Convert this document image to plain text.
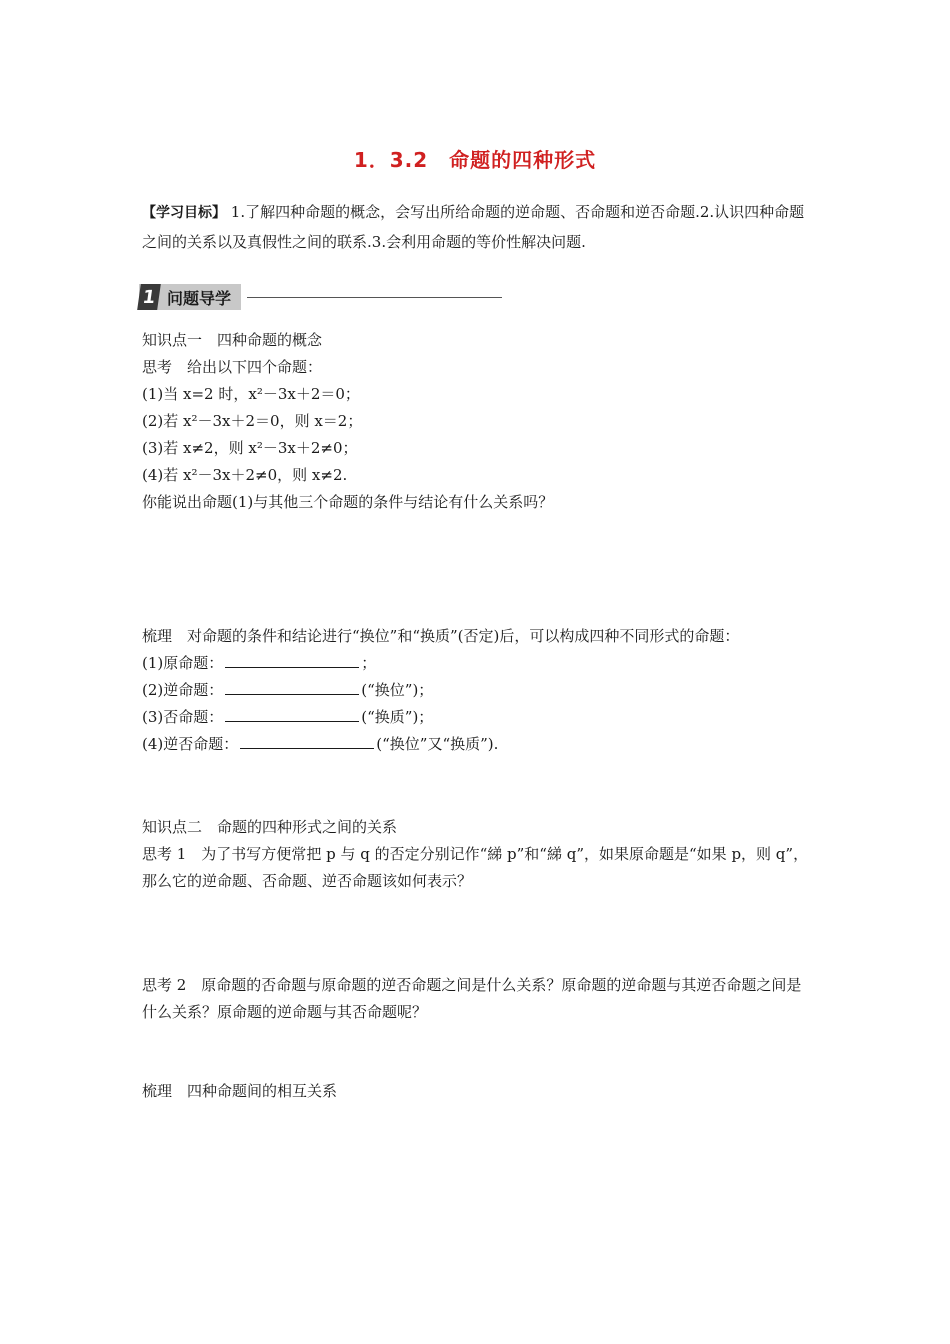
1．3.2　命题的四种形式
【学习目标】 1.了解四种命题的概念，会写出所给命题的逆命题、否命题和逆否命题.2.认识四种命题之间的关系以及真假性之间的联系.3.会利用命题的等价性解决问题.
1 问题导学
知识点一　四种命题的概念
思考　给出以下四个命题：
(1)当 x=2 时，x²－3x＋2＝0；
(2)若 x²－3x＋2＝0，则 x＝2；
(3)若 x≠2，则 x²－3x＋2≠0；
(4)若 x²－3x＋2≠0，则 x≠2.
你能说出命题(1)与其他三个命题的条件与结论有什么关系吗？
梳理　对命题的条件和结论进行“换位”和“换质”(否定)后，可以构成四种不同形式的命题：
(1)原命题：	；
(2)逆命题：	(“换位”)；
(3)否命题：	(“换质”)；
(4)逆否命题：	(“换位”又“换质”).
知识点二　命题的四种形式之间的关系
思考 1　为了书写方便常把 p 与 q 的否定分别记作“綈 p”和“綈 q”，如果原命题是“如果 p，则 q”，那么它的逆命题、否命题、逆否命题该如何表示？
思考 2　原命题的否命题与原命题的逆否命题之间是什么关系？原命题的逆命题与其逆否命题之间是什么关系？原命题的逆命题与其否命题呢？
梳理　四种命题间的相互关系
